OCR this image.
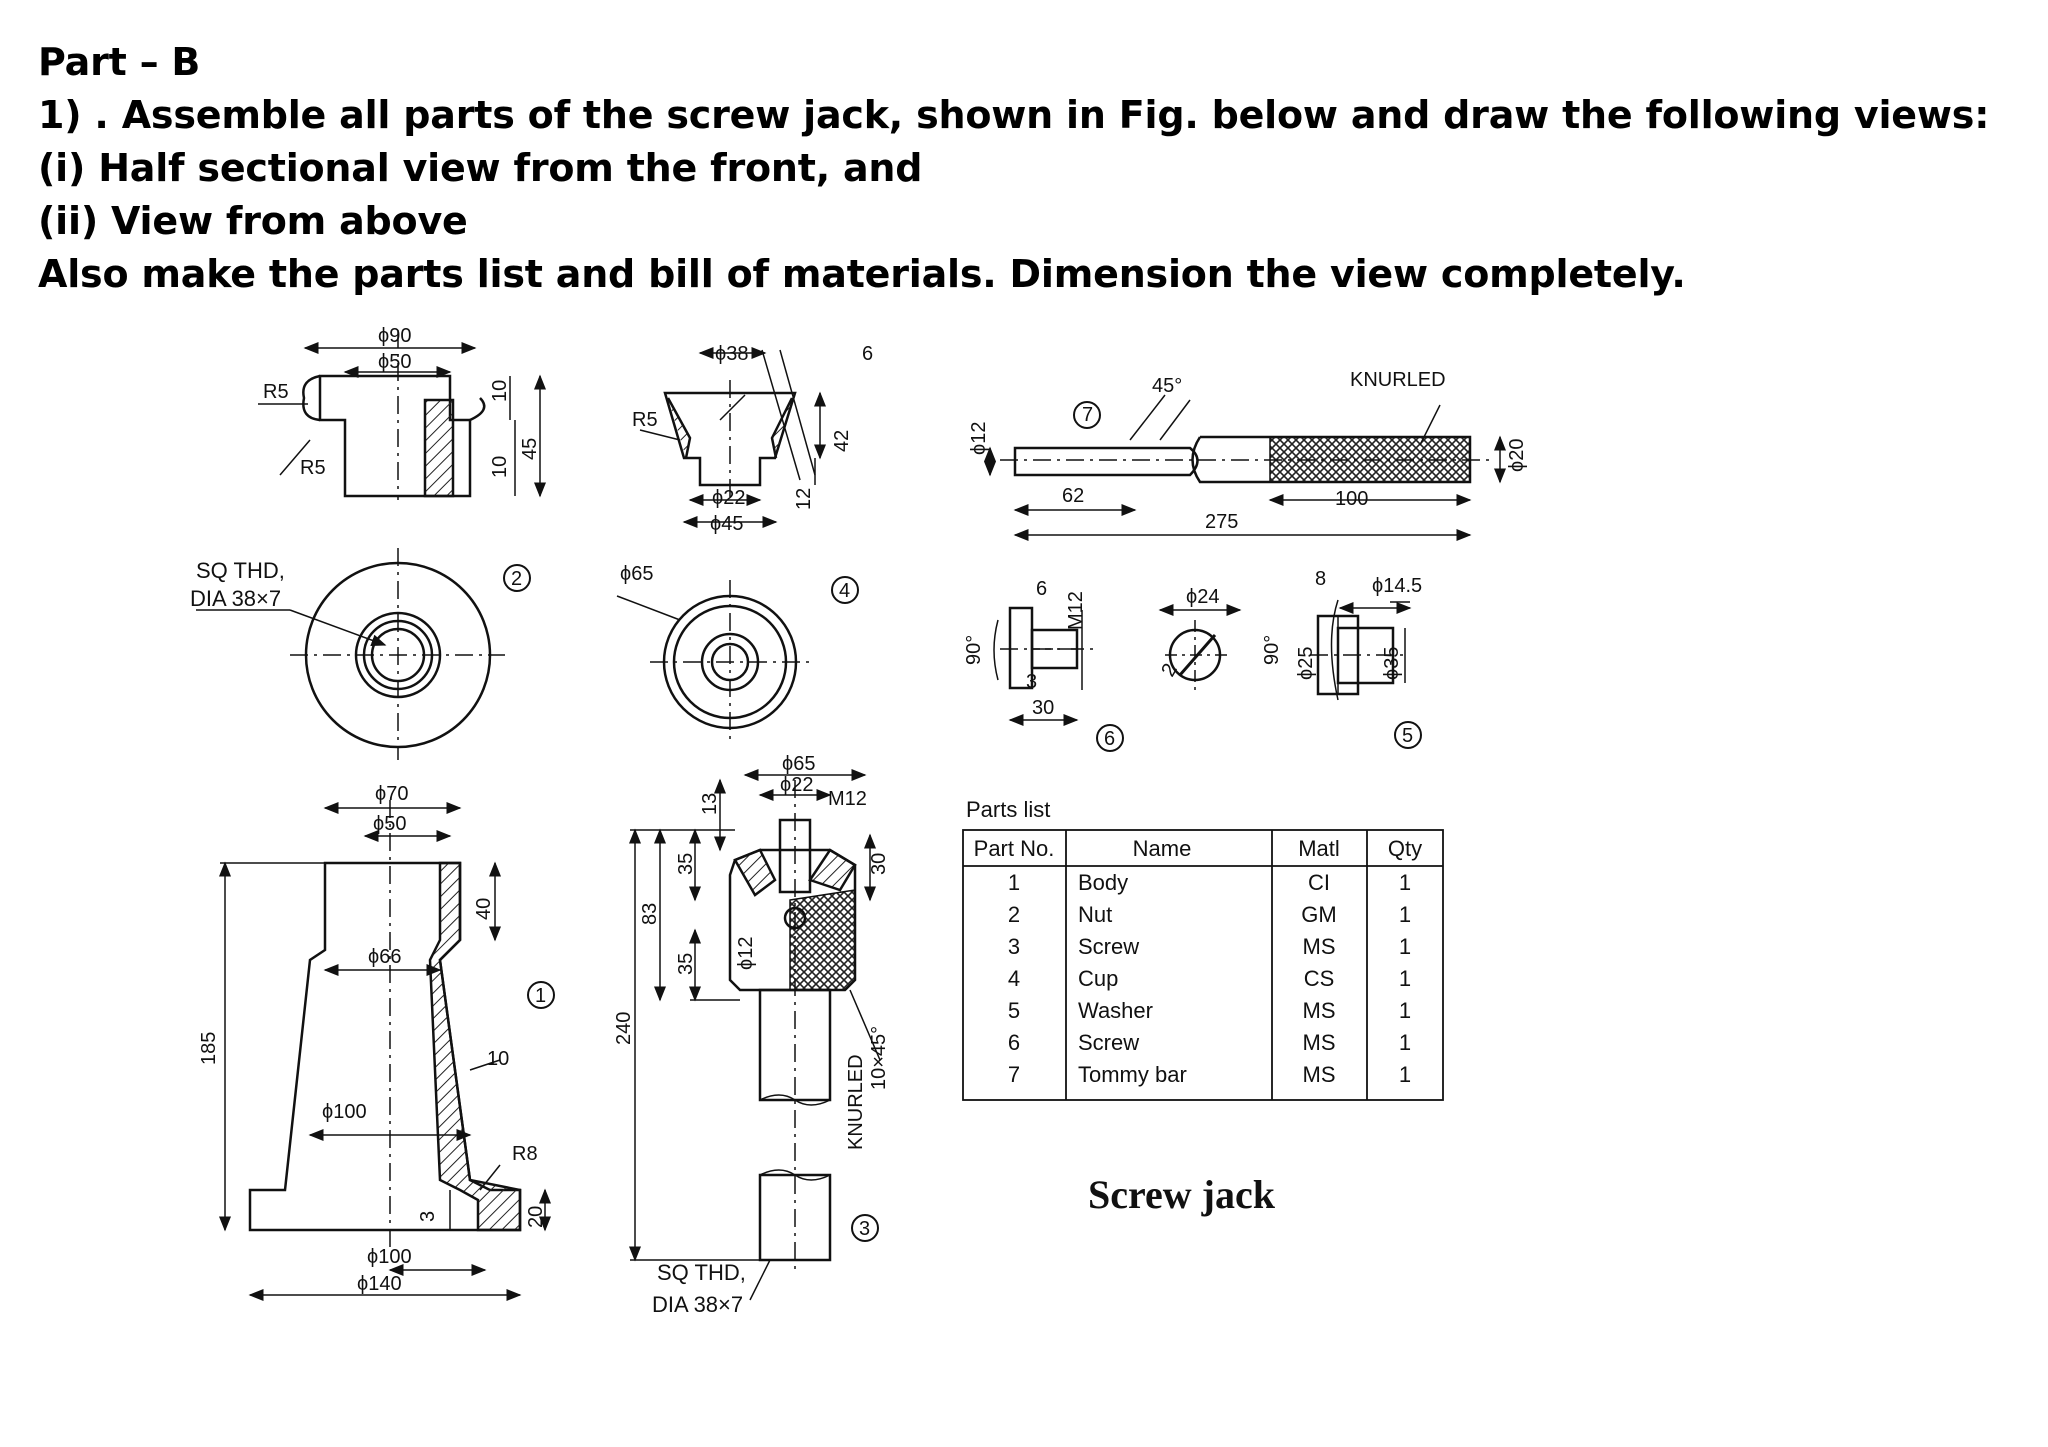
Part – B
1) . Assemble all parts of the screw jack, shown in Fig. below and draw the following views:
(i) Half sectional view from the front, and
(ii) View from above
Also make the parts list and bill of materials. Dimension the view completely.
ϕ90
ϕ50
R5
R5
10
10
45
SQ THD,
DIA 38×7
2
ϕ38	6
R5
42
ϕ22
ϕ45
12
ϕ65
4
ϕ12
45°	KNURLED
ϕ20
62
275
100
7
90°
6
M12
3
30
ϕ24
2
6
8 ϕ14.5
90° ϕ25	ϕ35
5
ϕ70
ϕ50
40
ϕ66
185	10
ϕ100
R8
3	20
ϕ100
ϕ140
1
ϕ65
ϕ22
M12
13
35	30
83
ϕ12
35
240	10×45°
KNURLED
SQ THD,
DIA 38×7
3
Parts list
Part No.	Name	Matl Qty
1	Body	CI	1
2	Nut	GM	1
3	Screw	MS	1
4	Cup	CS	1
5	Washer	MS	1
6	Screw	MS	1
7	Tommy bar	MS	1
Screw jack
